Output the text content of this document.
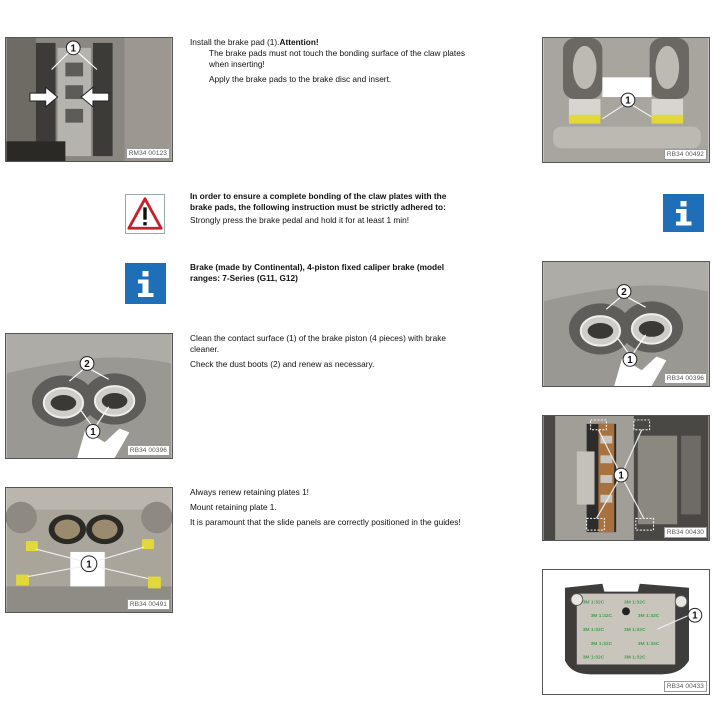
1
RM34 00123

Install the brake pad (1).Attention!

The brake pads must not touch the bonding surface of the claw plates when inserting!

Apply the brake pads to the brake disc and insert.

In order to ensure a complete bonding of the claw plates with the brake pads, the following instruction must be strictly adhered to:

Strongly press the brake pedal and hold it for at least 1 min!

Brake (made by Continental), 4-piston fixed caliper brake (model ranges: 7-Series (G11, G12)

2
1
RB34 00396

Clean the contact surface (1) of the brake piston (4 pieces) with brake cleaner.

Check the dust boots (2) and renew as necessary.

1
RB34 00491

Always renew retaining plates 1!

Mount retaining plate 1.

It is paramount that the slide panels are correctly positioned in the guides!

1
RB34 00492
2
1
RB34 00396
1
RB34 00430
3M 1:32C	3M 1:32C
3M 1:32C	3M 1:32C
3M 1:32C	3M 1:32C
3M 1:32C	3M 1:32C
3M 1:32C	3M 1:32C
1
RB34 00433
